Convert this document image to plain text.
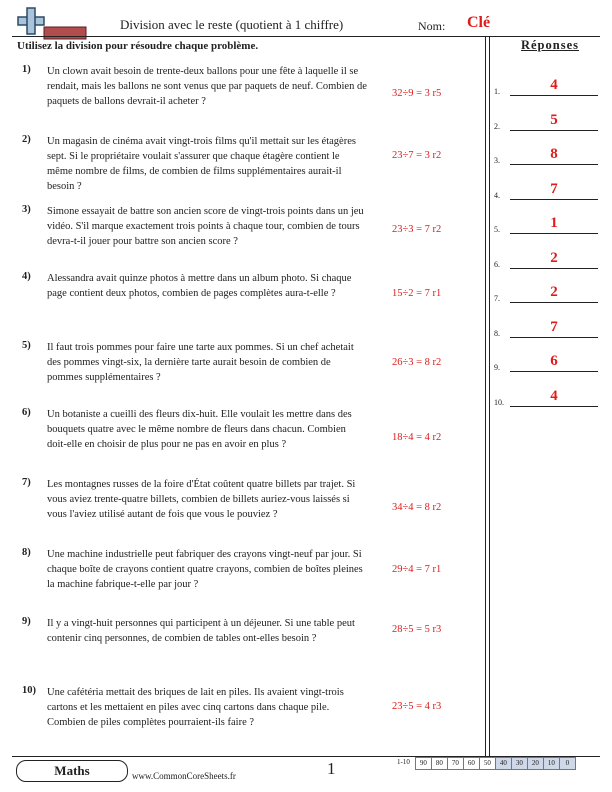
Division avec le reste (quotient à 1 chiffre)	Nom: Clé
Utilisez la division pour résoudre chaque problème.	Réponses
1) Un clown avait besoin de trente-deux ballons pour une fête à laquelle il se rendait, mais les ballons ne sont venus que par paquets de neuf. Combien de paquets de ballons devrait-il acheter ?
32÷9 = 3 r5
2) Un magasin de cinéma avait vingt-trois films qu'il mettait sur les étagères sept. Si le propriétaire voulait s'assurer que chaque étagère contient le même nombre de films, de combien de films supplémentaires aurait-il besoin ?
23÷7 = 3 r2
3) Simone essayait de battre son ancien score de vingt-trois points dans un jeu vidéo. S'il marque exactement trois points à chaque tour, combien de tours devra-t-il jouer pour battre son ancien score ?
23÷3 = 7 r2
4) Alessandra avait quinze photos à mettre dans un album photo. Si chaque page contient deux photos, combien de pages complètes aura-t-elle ?	15÷2 = 7 r1
5) Il faut trois pommes pour faire une tarte aux pommes. Si un chef achetait des pommes vingt-six, la dernière tarte aurait besoin de combien de pommes supplémentaires ?
26÷3 = 8 r2
6) Un botaniste a cueilli des fleurs dix-huit. Elle voulait les mettre dans des bouquets quatre avec le même nombre de fleurs dans chacun. Combien doit-elle en choisir de plus pour ne pas en avoir en plus ?
18÷4 = 4 r2
7) Les montagnes russes de la foire d'État coûtent quatre billets par trajet. Si vous aviez trente-quatre billets, combien de billets auriez-vous laissés si vous l'aviez utilisé autant de fois que vous le pouviez ?
34÷4 = 8 r2
8) Une machine industrielle peut fabriquer des crayons vingt-neuf par jour. Si chaque boîte de crayons contient quatre crayons, combien de boîtes pleines la machine fabrique-t-elle par jour ?
29÷4 = 7 r1
9) Il y a vingt-huit personnes qui participent à un déjeuner. Si une table peut contenir cinq personnes, de combien de tables ont-elles besoin ?
28÷5 = 5 r3
10) Une cafétéria mettait des briques de lait en piles. Ils avaient vingt-trois cartons et les mettaient en piles avec cinq cartons dans chaque pile. Combien de piles complètes pourraient-ils faire ?
23÷5 = 4 r3
1.	4
2.	5
3.	8
4.	7
5.	1
6.	2
7.	2
8.	7
9.	6
10.	4
Maths	www.CommonCoreSheets.fr	1	1-10	90	80	70	60	50	40	30	20	10	0
